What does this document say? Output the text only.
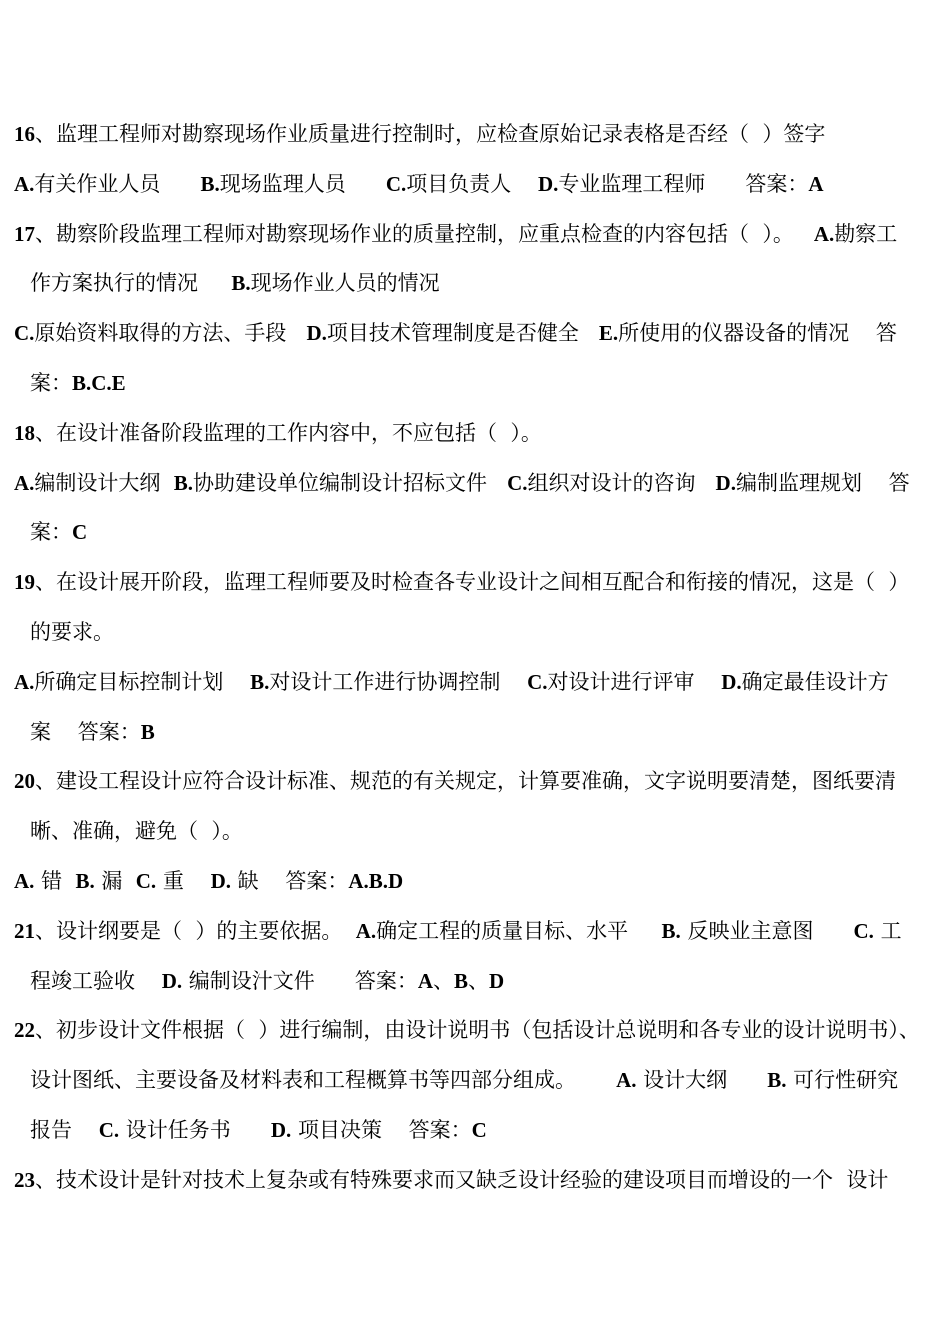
16、监理工程师对勘察现场作业质量进行控制时，应检查原始记录表格是否经（  ）签字
A.有关作业人员      B.现场监理人员      C.项目负责人    D.专业监理工程师      答案：A
17、勘察阶段监理工程师对勘察现场作业的质量控制，应重点检查的内容包括（  ）。   A.勘察工
作方案执行的情况     B.现场作业人员的情况
C.原始资料取得的方法、手段   D.项目技术管理制度是否健全   E.所使用的仪器设备的情况    答
案：B.C.E
18、在设计准备阶段监理的工作内容中，不应包括（  ）。
A.编制设计大纲  B.协助建设单位编制设计招标文件   C.组织对设计的咨询   D.编制监理规划    答
案：C
19、在设计展开阶段，监理工程师要及时检查各专业设计之间相互配合和衔接的情况，这是（  ）
的要求。
A.所确定目标控制计划    B.对设计工作进行协调控制    C.对设计进行评审    D.确定最佳设计方
案    答案：B
20、建设工程设计应符合设计标准、规范的有关规定，计算要准确，文字说明要清楚，图纸要清
晰、准确，避免（  ）。
A. 错  B. 漏  C. 重    D. 缺    答案：A.B.D
21、设计纲要是（  ）的主要依据。  A.确定工程的质量目标、水平     B. 反映业主意图      C. 工
程竣工验收    D. 编制设汁文件      答案：A、B、D
22、初步设计文件根据（  ）进行编制，由设计说明书（包括设计总说明和各专业的设计说明书）、
设计图纸、主要设备及材料表和工程概算书等四部分组成。      A. 设计大纲      B. 可行性研究
报告    C. 设计任务书      D. 项目决策    答案：C
23、技术设计是针对技术上复杂或有特殊要求而又缺乏设计经验的建设项目而增设的一个  设计
